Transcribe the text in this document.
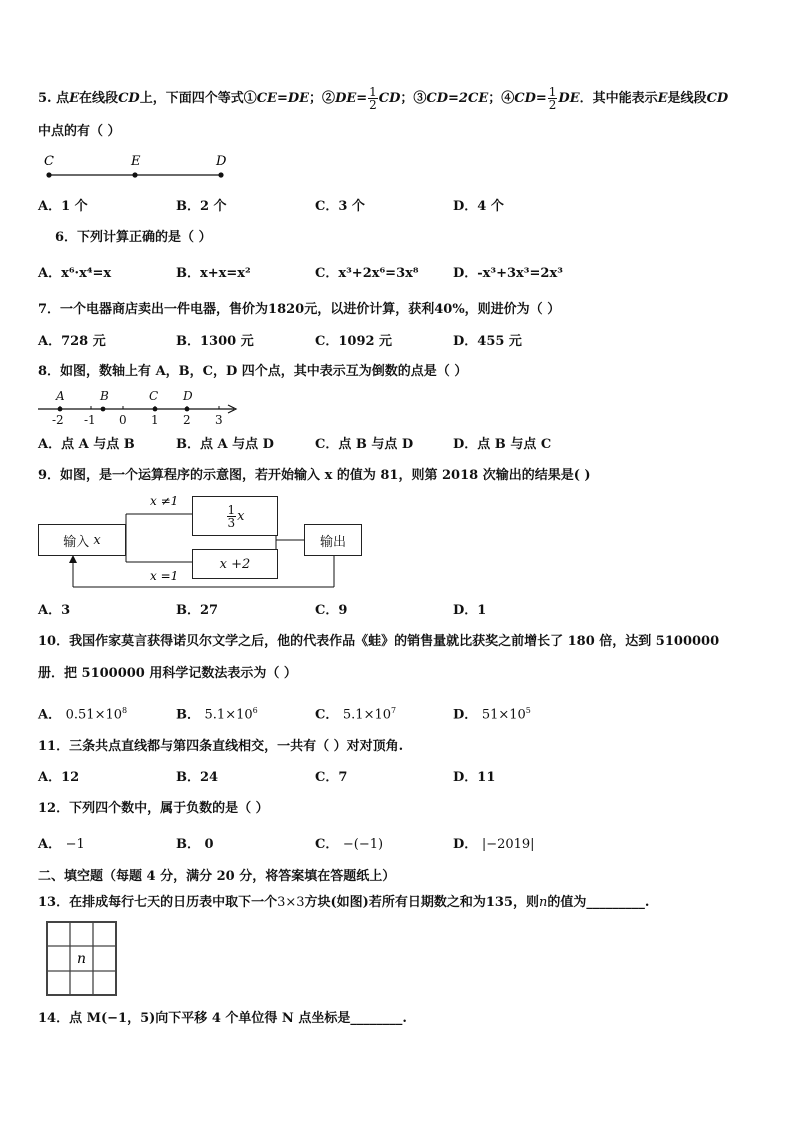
5. 点E在线段CD上，下面四个等式①CE=DE；②DE= $\frac{1}{2}$ CD；③CD=2CE；④CD= $\frac{1}{2}$ DE．其中能表示E是线段CD
中点的有（ ）
C	E	D
A．1 个	B．2 个	C．3 个	D．4 个
6．下列计算正确的是（ ）
A．x⁶·x⁴=x	B．x+x=x²	C．x³+2x⁶=3x⁸	D．-x³+3x³=2x³
7．一个电器商店卖出一件电器，售价为1820元，以进价计算，获利40%，则进价为（ ）
A．728 元	B．1300 元	C．1092 元	D．455 元
8．如图，数轴上有 A，B，C，D 四个点，其中表示互为倒数的点是（ ）
-2 -1 0 1 2 3
A	B	C D
A．点 A 与点 B	B．点 A 与点 D	C．点 B 与点 D	D．点 B 与点 C
9．如图，是一个运算程序的示意图，若开始输入 x 的值为 81，则第 2018 次输出的结果是( )
x ≠1
x =1
输入
x
$\frac{1}{3}$ x
x +2
输出
A．3	B．27	C．9	D．1
10．我国作家莫言获得诺贝尔文学之后，他的代表作品《蛙》的销售量就比获奖之前增长了 180 倍，达到 5100000
册．把 5100000 用科学记数法表示为（ ）
A． $0.51\times 10^8$	B． $5.1\times 10^6$	C． $5.1\times 10^7$	D． $51\times 10^5$
11．三条共点直线都与第四条直线相交，一共有（ ）对对顶角.
A．12	B．24	C．7	D．11
12．下列四个数中，属于负数的是（ ）
A． −1	B． 0	C． −(−1)	D． |−2019|
二、填空题（每题 4 分，满分 20 分，将答案填在答题纸上）
13．在排成每行七天的日历表中取下一个3×3方块(如图)若所有日期数之和为135，则n的值为_________.
n
14．点 M(−1，5)向下平移 4 个单位得 N 点坐标是________.
